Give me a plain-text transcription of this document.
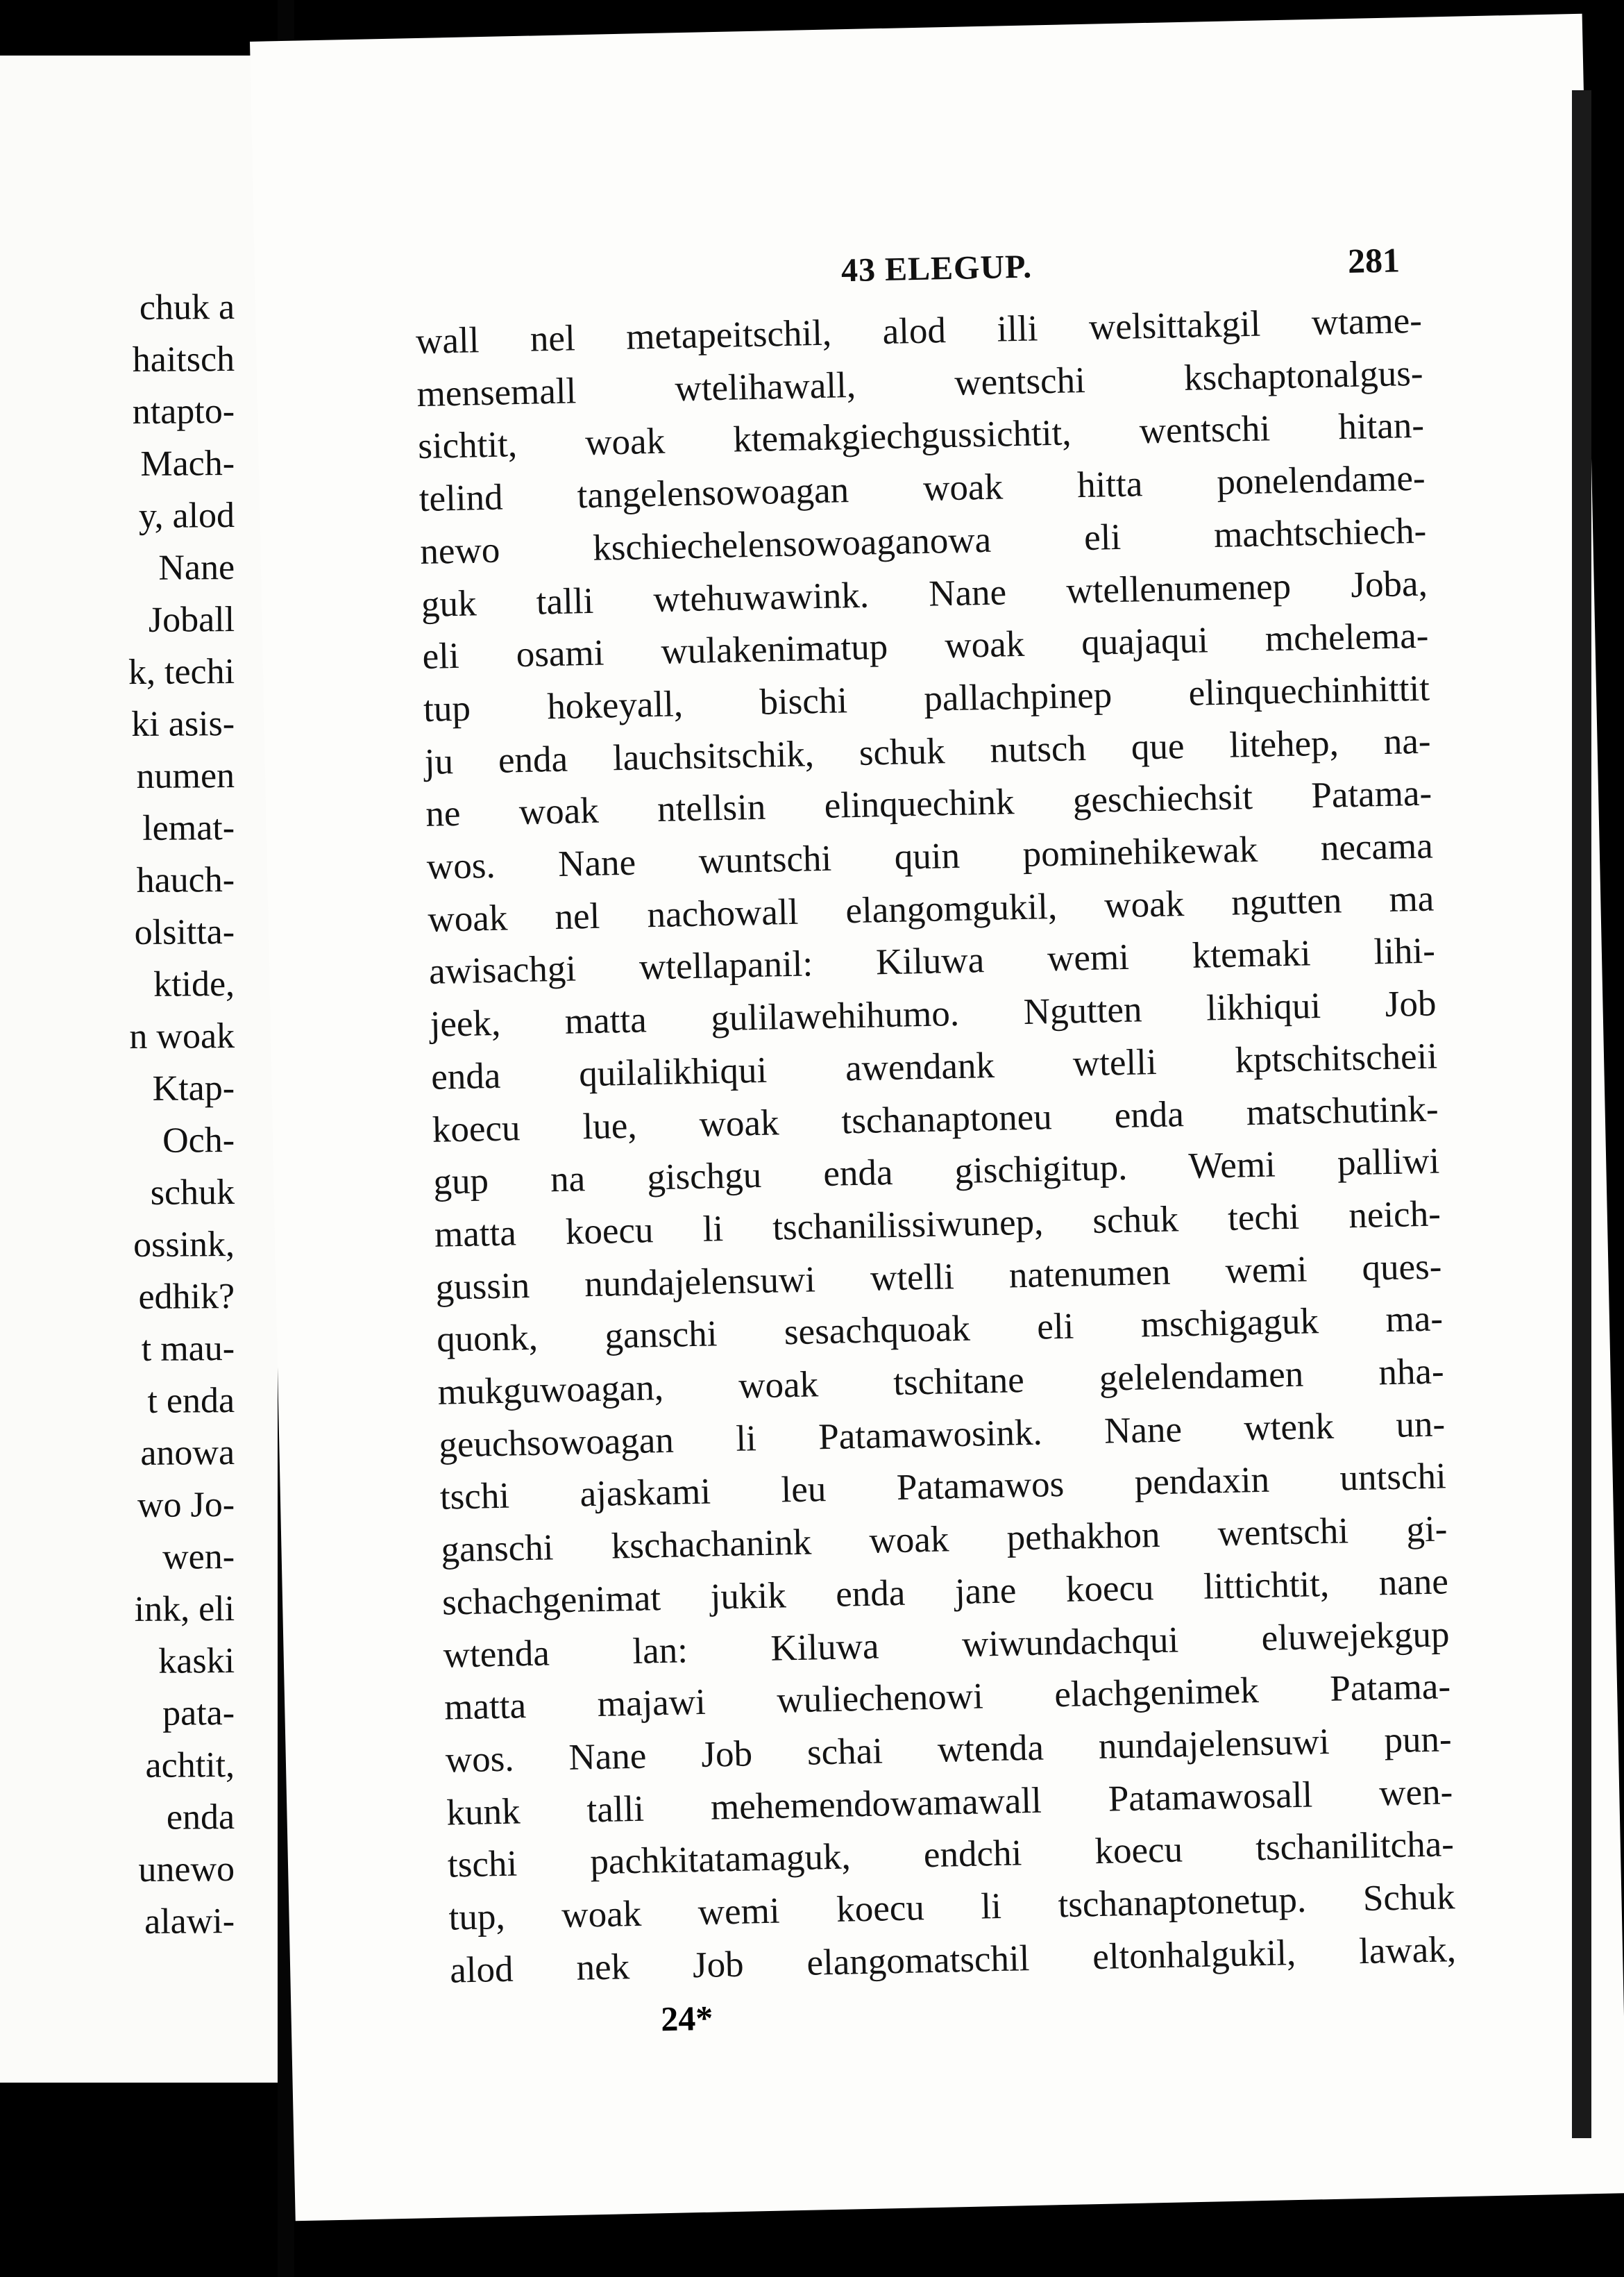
chuk a
haitsch
ntapto-
Mach-
y, alod
Nane
Joball
k, techi
ki asis-
numen
lemat-
hauch-
olsitta-
ktide,
n woak
Ktap-
Och-
schuk
ossink,
edhik?
t mau-
t enda
anowa
wo Jo-
wen-
ink, eli
kaski
pata-
achtit,
enda
unewo
alawi-
43 ELEGUP.	281
wall nel metapeitschil, alod illi welsittakgil wtame-
mensemall wtelihawall, wentschi kschaptonalgus-
sichtit, woak ktemakgiechgussichtit, wentschi hitan-
telind tangelensowoagan woak hitta ponelendame-
newo kschiechelensowoaganowa eli machtschiech-
guk talli wtehuwawink. Nane wtellenumenep Joba,
eli osami wulakenimatup woak quajaqui mchelema-
tup hokeyall, bischi pallachpinep elinquechinhittit
ju enda lauchsitschik, schuk nutsch que litehep, na-
ne woak ntellsin elinquechink geschiechsit Patama-
wos. Nane wuntschi quin pominehikewak necama
woak nel nachowall elangomgukil, woak ngutten ma
awisachgi wtellapanil: Kiluwa wemi ktemaki lihi-
jeek, matta gulilawehihumo. Ngutten likhiqui Job
enda quilalikhiqui awendank wtelli kptschitscheii
koecu lue, woak tschanaptoneu enda matschutink-
gup na gischgu enda gischigitup. Wemi palliwi
matta koecu li tschanilissiwunep, schuk techi neich-
gussin nundajelensuwi wtelli natenumen wemi ques-
quonk, ganschi sesachquoak eli mschigaguk ma-
mukguwoagan, woak tschitane gelelendamen nha-
geuchsowoagan li Patamawosink. Nane wtenk un-
tschi ajaskami leu Patamawos pendaxin untschi
ganschi kschachanink woak pethakhon wentschi gi-
schachgenimat jukik enda jane koecu littichtit, nane
wtenda lan: Kiluwa wiwundachqui eluwejekgup
matta majawi wuliechenowi elachgenimek Patama-
wos. Nane Job schai wtenda nundajelensuwi pun-
kunk talli mehemendowamawall Patamawosall wen-
tschi pachkitatamaguk, endchi koecu tschanilitcha-
tup, woak wemi koecu li tschanaptonetup. Schuk
alod nek Job elangomatschil eltonhalgukil, lawak,
24*
